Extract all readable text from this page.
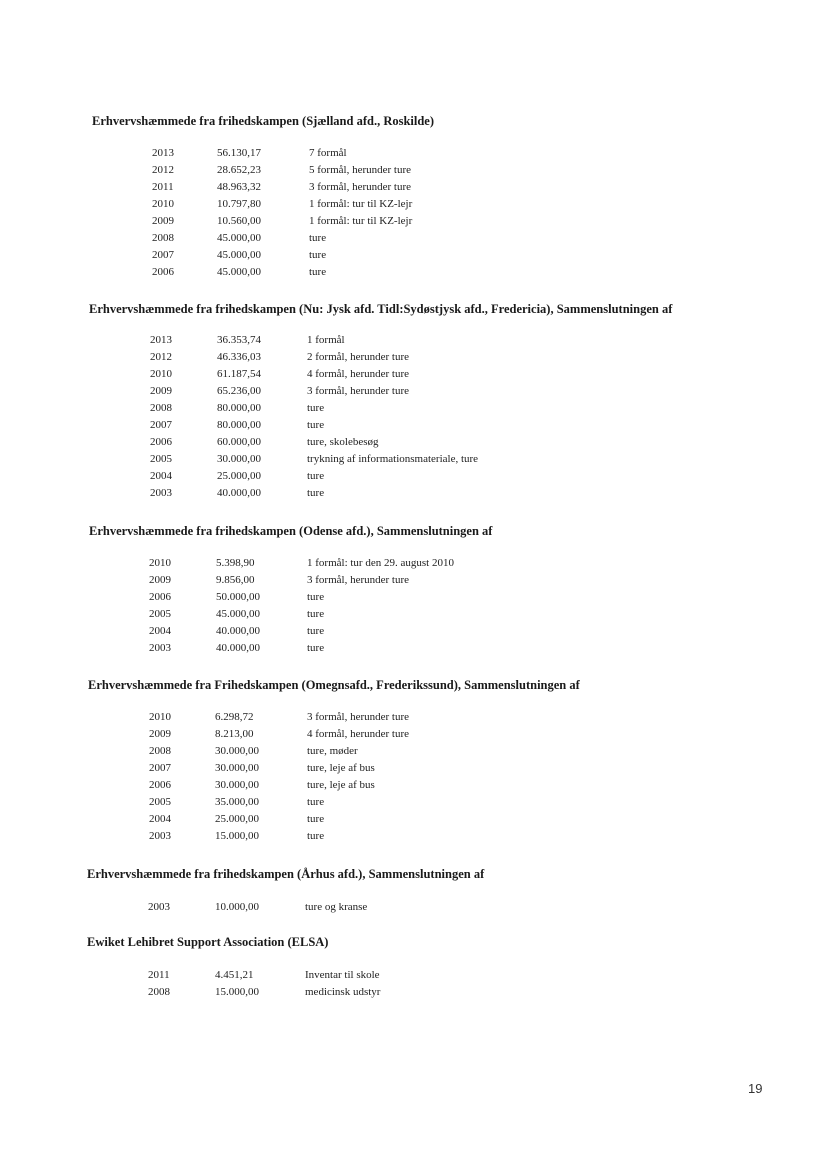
Erhvervshæmmede fra frihedskampen (Sjælland afd., Roskilde)
2013	56.130,17	7 formål
2012	28.652,23	5 formål, herunder ture
2011	48.963,32	3 formål, herunder ture
2010	10.797,80	1 formål: tur til KZ-lejr
2009	10.560,00	1 formål: tur til KZ-lejr
2008	45.000,00	ture
2007	45.000,00	ture
2006	45.000,00	ture
Erhvervshæmmede fra frihedskampen (Nu: Jysk afd. Tidl:Sydøstjysk afd., Fredericia), Sammenslutningen af
2013	36.353,74	1 formål
2012	46.336,03	2 formål, herunder ture
2010	61.187,54	4 formål, herunder ture
2009	65.236,00	3 formål, herunder ture
2008	80.000,00	ture
2007	80.000,00	ture
2006	60.000,00	ture, skolebesøg
2005	30.000,00	trykning af informationsmateriale, ture
2004	25.000,00	ture
2003	40.000,00	ture
Erhvervshæmmede fra frihedskampen (Odense afd.), Sammenslutningen af
2010	5.398,90	1 formål: tur den 29. august 2010
2009	9.856,00	3 formål, herunder ture
2006	50.000,00	ture
2005	45.000,00	ture
2004	40.000,00	ture
2003	40.000,00	ture
Erhvervshæmmede fra Frihedskampen (Omegnsafd., Frederikssund), Sammenslutningen af
2010	6.298,72	3 formål, herunder ture
2009	8.213,00	4 formål, herunder ture
2008	30.000,00	ture, møder
2007	30.000,00	ture, leje af bus
2006	30.000,00	ture, leje af bus
2005	35.000,00	ture
2004	25.000,00	ture
2003	15.000,00	ture
Erhvervshæmmede fra frihedskampen (Århus afd.), Sammenslutningen af
2003	10.000,00	ture og kranse
Ewiket Lehibret Support Association (ELSA)
2011	4.451,21	Inventar til skole
2008	15.000,00	medicinsk udstyr
19
